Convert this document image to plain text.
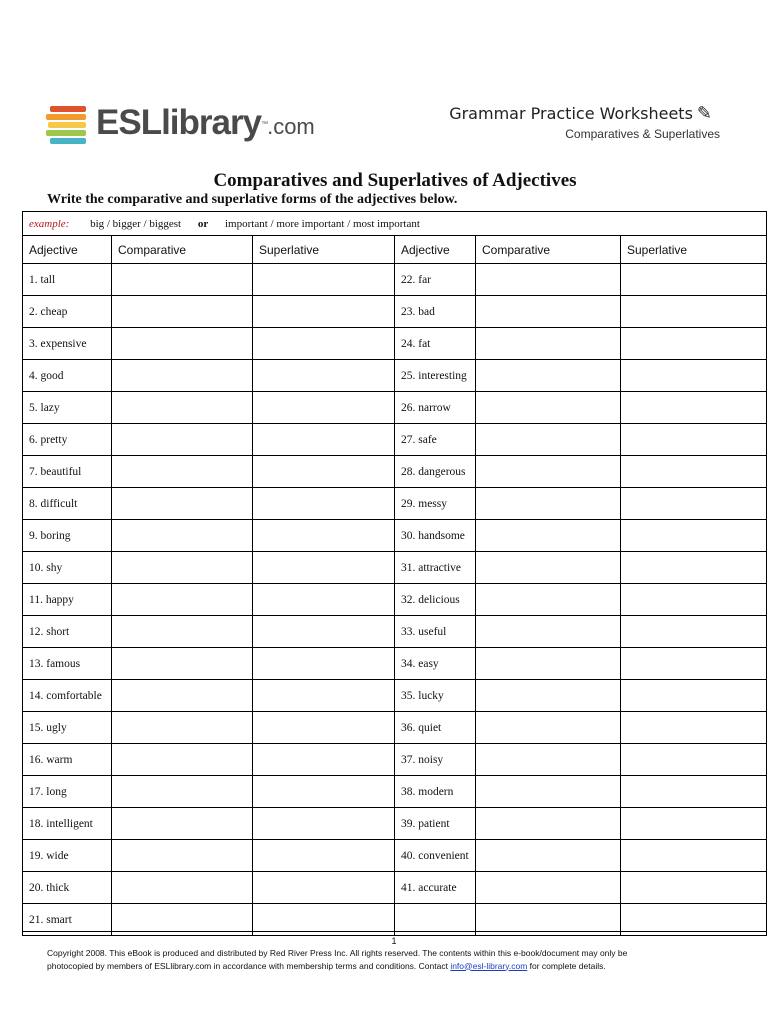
ESLlibrary™.com
Grammar Practice Worksheets ✎
Comparatives & Superlatives
Comparatives and Superlatives of Adjectives
Write the comparative and superlative forms of the adjectives below.
example: big / bigger / biggest or important / more important / most important					
Adjective	Comparative	Superlative	Adjective	Comparative	Superlative
1. tall			22. far		
2. cheap			23. bad		
3. expensive			24. fat		
4. good			25. interesting		
5. lazy			26. narrow		
6. pretty			27. safe		
7. beautiful			28. dangerous		
8. difficult			29. messy		
9. boring			30. handsome		
10. shy			31. attractive		
11. happy			32. delicious		
12. short			33. useful		
13. famous			34. easy		
14. comfortable			35. lucky		
15. ugly			36. quiet		
16. warm			37. noisy		
17. long			38. modern		
18. intelligent			39. patient		
19. wide			40. convenient		
20. thick			41. accurate		
21. smart					
1
Copyright 2008. This eBook is produced and distributed by Red River Press Inc. All rights reserved. The contents within this e-book/document may only be
photocopied by members of ESLlibrary.com in accordance with membership terms and conditions. Contact info@esl-library.com for complete details.
